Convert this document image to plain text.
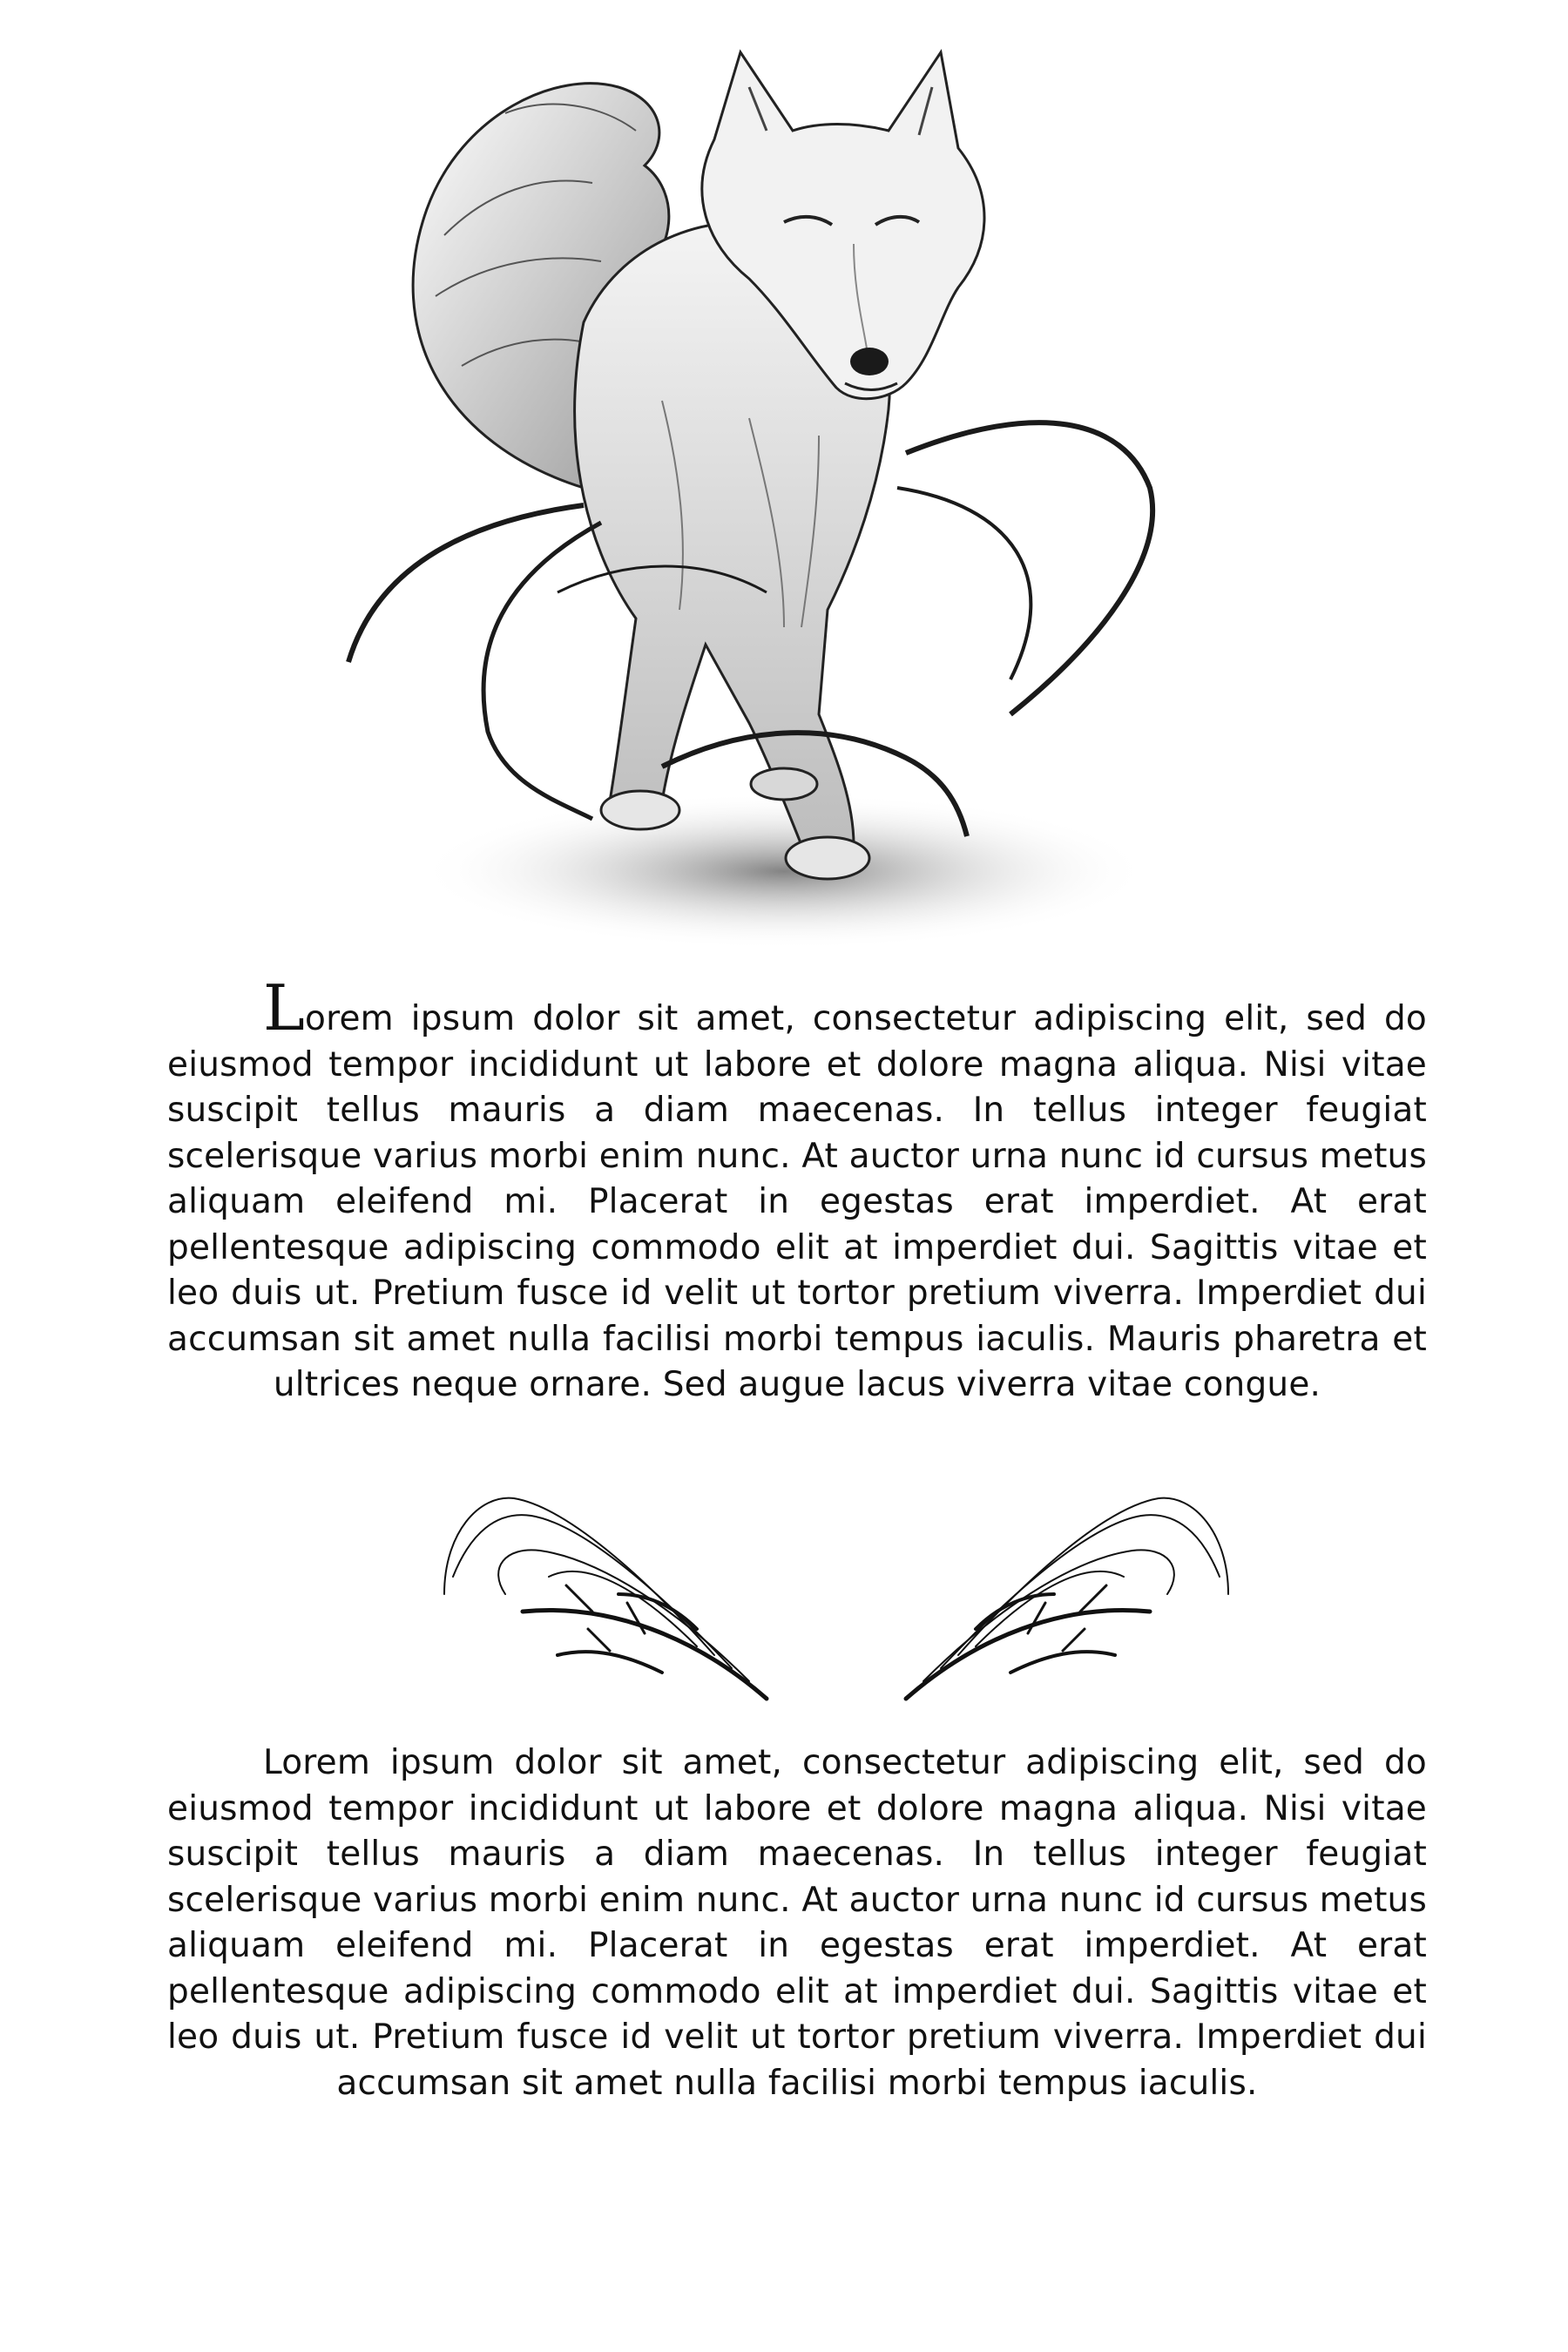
Lorem ipsum dolor sit amet, consectetur adipiscing elit, sed do eiusmod tempor incididunt ut labore et dolore magna aliqua. Nisi vitae suscipit tellus mauris a diam maecenas. In tellus integer feugiat scelerisque varius morbi enim nunc. At auctor urna nunc id cursus metus aliquam eleifend mi. Placerat in egestas erat imperdiet. At erat pellentesque adipiscing commodo elit at imperdiet dui. Sagittis vitae et leo duis ut. Pretium fusce id velit ut tortor pretium viverra. Imperdiet dui accumsan sit amet nulla facilisi morbi tempus iaculis. Mauris pharetra et ultrices neque ornare. Sed augue lacus viverra vitae congue.

Lorem ipsum dolor sit amet, consectetur adipiscing elit, sed do eiusmod tempor incididunt ut labore et dolore magna aliqua. Nisi vitae suscipit tellus mauris a diam maecenas. In tellus integer feugiat scelerisque varius morbi enim nunc. At auctor urna nunc id cursus metus aliquam eleifend mi. Placerat in egestas erat imperdiet. At erat pellentesque adipiscing commodo elit at imperdiet dui. Sagittis vitae et leo duis ut. Pretium fusce id velit ut tortor pretium viverra. Imperdiet dui accumsan sit amet nulla facilisi morbi tempus iaculis.
